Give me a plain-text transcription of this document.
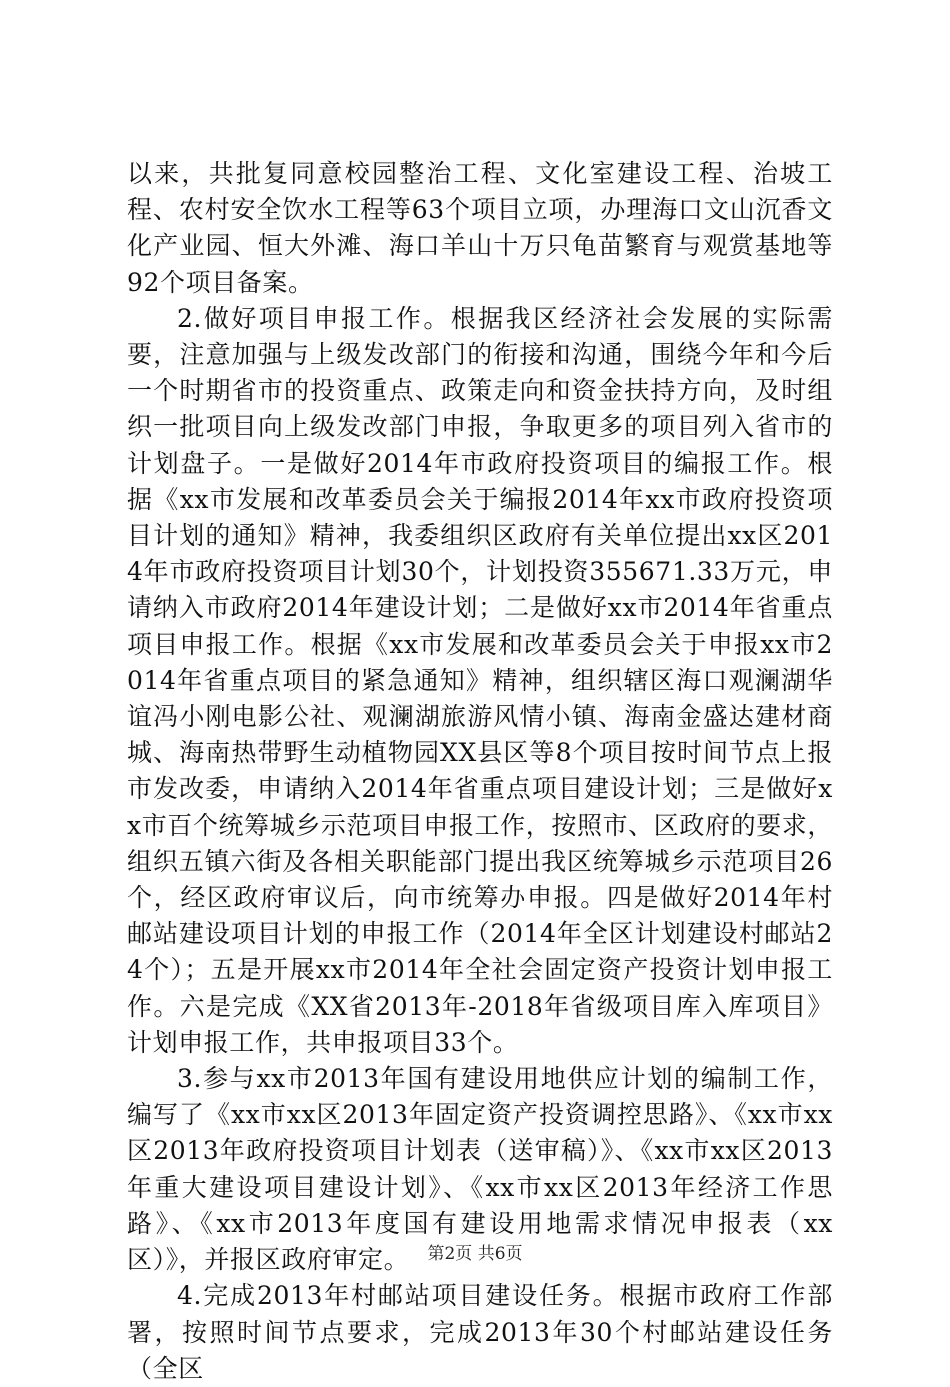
以来，共批复同意校园整治工程、文化室建设工程、治坡工程、农村安全饮水工程等63个项目立项，办理海口文山沉香文化产业园、恒大外滩、海口羊山十万只龟苗繁育与观赏基地等92个项目备案。

2.做好项目申报工作。根据我区经济社会发展的实际需要，注意加强与上级发改部门的衔接和沟通，围绕今年和今后一个时期省市的投资重点、政策走向和资金扶持方向，及时组织一批项目向上级发改部门申报，争取更多的项目列入省市的计划盘子。一是做好2014年市政府投资项目的编报工作。根据《xx市发展和改革委员会关于编报2014年xx市政府投资项目计划的通知》精神，我委组织区政府有关单位提出xx区2014年市政府投资项目计划30个，计划投资355671.33万元，申请纳入市政府2014年建设计划；二是做好xx市2014年省重点项目申报工作。根据《xx市发展和改革委员会关于申报xx市2014年省重点项目的紧急通知》精神，组织辖区海口观澜湖华谊冯小刚电影公社、观澜湖旅游风情小镇、海南金盛达建材商城、海南热带野生动植物园XX县区等8个项目按时间节点上报市发改委，申请纳入2014年省重点项目建设计划；三是做好xx市百个统筹城乡示范项目申报工作，按照市、区政府的要求，组织五镇六街及各相关职能部门提出我区统筹城乡示范项目26个，经区政府审议后，向市统筹办申报。四是做好2014年村邮站建设项目计划的申报工作（2014年全区计划建设村邮站24个）；五是开展xx市2014年全社会固定资产投资计划申报工作。六是完成《XX省2013年-2018年省级项目库入库项目》计划申报工作，共申报项目33个。

3.参与xx市2013年国有建设用地供应计划的编制工作，编写了《xx市xx区2013年固定资产投资调控思路》、《xx市xx区2013年政府投资项目计划表（送审稿）》、《xx市xx区2013年重大建设项目建设计划》、《xx市xx区2013年经济工作思路》、《xx市2013年度国有建设用地需求情况申报表（xx区）》，并报区政府审定。

4.完成2013年村邮站项目建设任务。根据市政府工作部署，按照时间节点要求，完成2013年30个村邮站建设任务（全区

第2页 共6页
